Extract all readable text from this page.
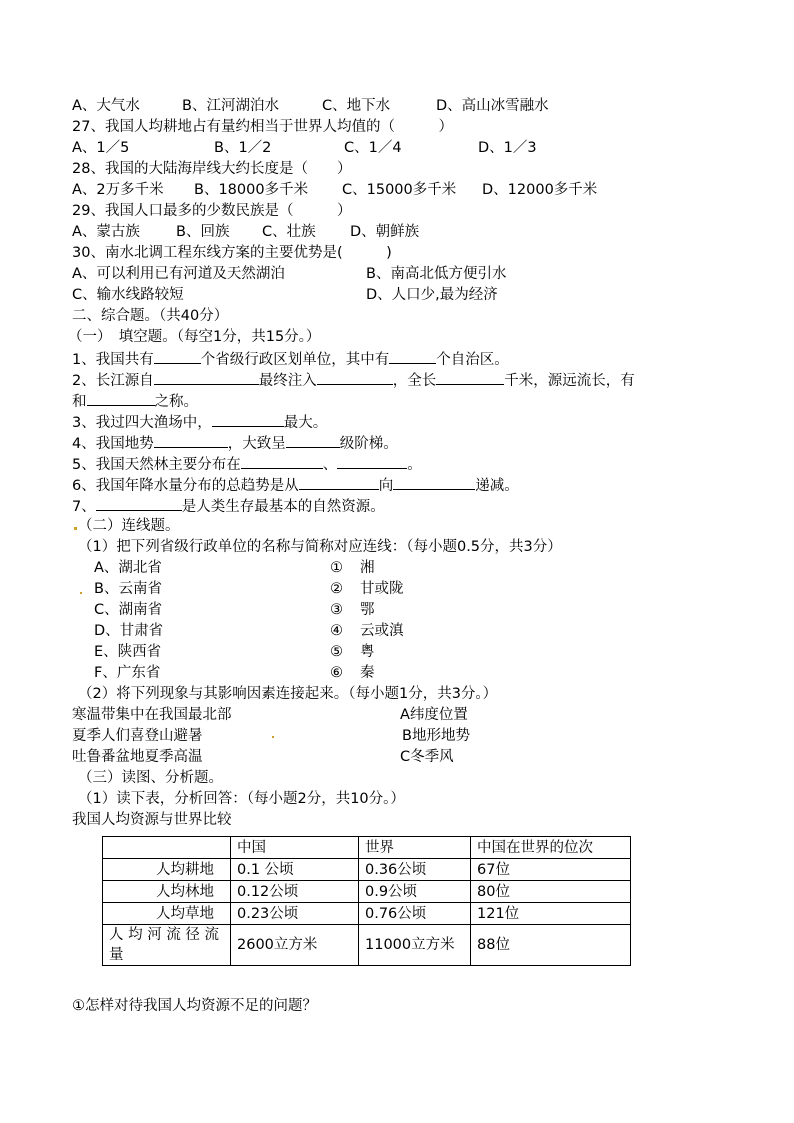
A、大气水	B、江河湖泊水	C、地下水	D、高山冰雪融水
27、我国人均耕地占有量约相当于世界人均值的（　　　）
A、1／5	B、1／2	C、1／4	D、1／3
28、我国的大陆海岸线大约长度是（　　）
A、2万多千米 B、18000多千米 C、15000多千米 D、12000多千米
29、我国人口最多的少数民族是（　　　）
A、蒙古族 B、回族 C、壮族 D、朝鲜族
30、南水北调工程东线方案的主要优势是(　　　)
A、可以利用已有河道及天然湖泊	B、南高北低方便引水
C、输水线路较短	D、人口少,最为经济
二、综合题。（共40分）
（一）　填空题。（每空1分，共15分。）
1、我国共有	个省级行政区划单位，其中有	个自治区。
2、长江源自	最终注入	，全长	千米，源远流长，有
和	之称。
3、我过四大渔场中，	最大。
4、我国地势	，大致呈	级阶梯。
5、我国天然林主要分布在	、	。
6、我国年降水量分布的总趋势是从	向	递减。
7、	是人类生存最基本的自然资源。
（二）连线题。
（1）把下列省级行政单位的名称与简称对应连线：（每小题0.5分，共3分）
A、湖北省	① 湘
B、云南省	② 甘或陇
C、湖南省	③ 鄂
D、甘肃省	④ 云或滇
E、陕西省	⑤ 粤
F、广东省	⑥ 秦
（2）将下列现象与其影响因素连接起来。（每小题1分，共3分。）
寒温带集中在我国最北部	A纬度位置
夏季人们喜登山避暑	B地形地势
吐鲁番盆地夏季高温	C冬季风
（三）读图、分析题。
（1）读下表，分析回答：（每小题2分，共10分。）
我国人均资源与世界比较
	中国	世界	中国在世界的位次
人均耕地	0.1 公顷	0.36公顷	67位
人均林地	0.12公顷	0.9公顷	80位
人均草地	0.23公顷	0.76公顷	121位

人 均 河 流 径 流
量	2600立方米	11000立方米	88位
①怎样对待我国人均资源不足的问题？
